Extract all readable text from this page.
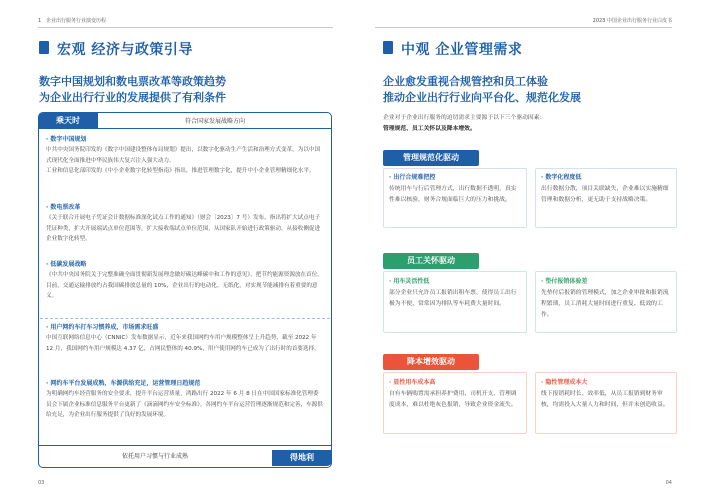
1 企业出行服务行业演变历程	2023 中国企业出行服务行业白皮书
宏观 经济与政策引导
数字中国规划和数电票改革等政策趋势
为企业出行行业的发展提供了有利条件
乘天时	符合国家发展战略方向
· 数字中国规划

中共中央国务院印发的《数字中国建设整体布局规划》提出，以数字化驱动生产生活和治理方式变革，为以中国式现代化全面推进中华民族伟大复兴注入强大动力。

工业和信息化部印发的《中小企业数字化转型指南》指出，推进管理数字化，提升中小企业管理精细化水平。

· 数电票改革

《关于联合开展电子凭证会计数据标准深化试点工作的通知》（财会〔2023〕7 号）发布，指出将扩大试点电子凭证种类，扩大开展端试点单位范围等。扩大接收端试点单位范围，从国家队开始进行政策驱动，从接收侧促进企业数字化转型。

· 低碳发展战略

《中共中央国务院关于完整准确全面贯彻新发展理念做好碳达峰碳中和工作的意见》，把节约能源资源放在首位。目前，交通运输排放约占我国碳排放总量的 10%，企业出行的电动化、无纸化，对实现节能减排有着重要的意义。

· 用户网约车打车习惯养成，市场需求旺盛

中国互联网络信息中心（CNNIC）发布数据显示，近年来我国网约车用户规模整体呈上升趋势，截至 2022 年 12 月，我国网约车用户规模达 4.37 亿，占网民整体的 40.9%，用户使用网约车已成为了出行时的首要选择。

· 网约车平台发展成熟，车源供给充足，运营管理日趋规范

为明确网约车经营服务的安全要求，提升平台运营质量，鸿路出行 2022 年 6 月 8 日在中国国家标准化管理委员会下属企业标准信息服务平台更新了《滴滴网约车安全标准》。各网约车平台运营管理逐渐规范和完善，车源供给充足，为企业出行服务提供了良好的发展环境。

依托用户习惯与行业成熟	得地利
03
中观 企业管理需求
企业愈发重视合规管控和员工体验
推动企业出行行业向平台化、规范化发展
企业对于企业出行服务的迫切需求主要源于以下三个驱动因素：
管理规范、员工关怀以及降本增效。
管理规范化驱动
· 出行合规难把控
传统用车与行后管理方式，出行数据不透明，真实性难以核验，财务合规面临巨大的压力和挑战。
· 数字化程度低
出行数据分散，项目关联缺失，企业难以实施精细管理和数据分析，更无助于支持战略决策。
员工关怀驱动
· 用车灵活性低
部分企业只允许员工报销出租车票，使得员工出行极为不便，常常因为排队等车耗费大量时间。
· 垫付报销体验差
先垫付后报销的管理模式，加之企业审批和报销流程繁琐，员工消耗大量时间进行重复、低效的工作。
降本增效驱动
· 显性用车成本高
自有车辆购置需承担养护费用、司机开支、管理调度成本，难以杜绝灰色报销，导致企业资金流失。
· 隐性管理成本大
线下报销耗时长、效率低，从员工报销到财务审核，均需投入大量人力和时间，但并未创造收益。
04
